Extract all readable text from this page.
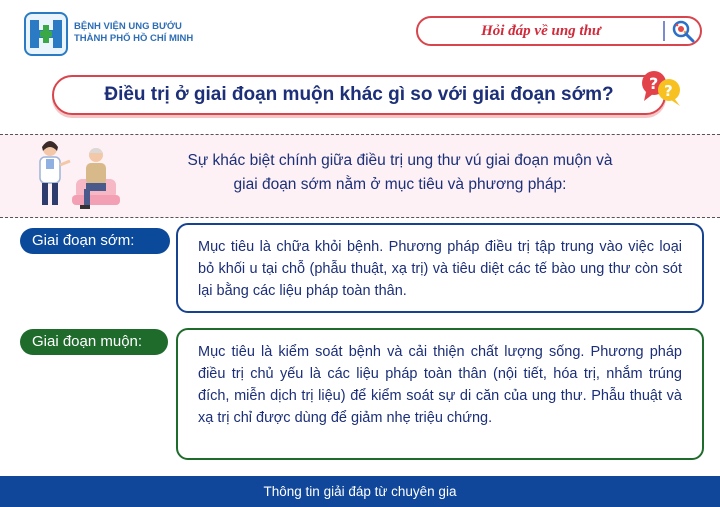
BỆNH VIỆN UNG BƯỚU
THÀNH PHỐ HỒ CHÍ MINH	Hỏi đáp về ung thư
Điều trị ở giai đoạn muộn khác gì so với giai đoạn sớm?
? ?
Sự khác biệt chính giữa điều trị ung thư vú giai đoạn muộn và
giai đoạn sớm nằm ở mục tiêu và phương pháp:

Mục tiêu là chữa khỏi bệnh. Phương pháp điều trị tập trung vào việc loại bỏ khối u tại chỗ (phẫu thuật, xạ trị) và tiêu diệt các tế bào ung thư còn sót lại bằng các liệu pháp toàn thân.

Giai đoạn sớm:

Mục tiêu là kiểm soát bệnh và cải thiện chất lượng sống. Phương pháp điều trị chủ yếu là các liệu pháp toàn thân (nội tiết, hóa trị, nhắm trúng đích, miễn dịch trị liệu) để kiểm soát sự di căn của ung thư. Phẫu thuật và xạ trị chỉ được dùng để giảm nhẹ triệu chứng.

Giai đoạn muộn:
Thông tin giải đáp từ chuyên gia
